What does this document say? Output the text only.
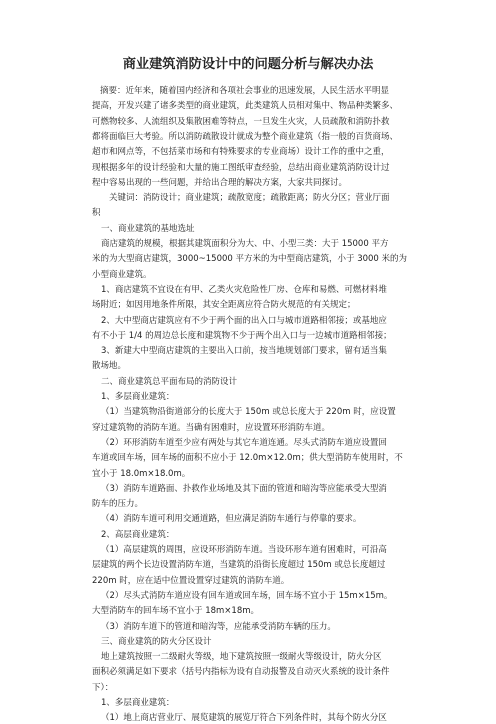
商业建筑消防设计中的问题分析与解决办法
摘要：近年来，随着国内经济和各项社会事业的迅速发展，人民生活水平明显
提高，开发兴建了诸多类型的商业建筑，此类建筑人员相对集中、物品种类繁多、
可燃物较多、人流组织及集散困难等特点，一旦发生火灾，人员疏散和消防扑救
都将面临巨大考验。所以消防疏散设计就成为整个商业建筑（指一般的百货商场、
超市和网点等，不包括菜市场和有特殊要求的专业商场）设计工作的重中之重，
现根据多年的设计经验和大量的施工图纸审查经验，总结出商业建筑消防设计过
程中容易出现的一些问题，并给出合理的解决方案，大家共同探讨。
关键词：消防设计；商业建筑；疏散宽度；疏散距离；防火分区；营业厅面
积
一、商业建筑的基地选址
商店建筑的规模，根据其建筑面积分为大、中、小型三类：大于 15000 平方
米的为大型商店建筑，3000~15000 平方米的为中型商店建筑，小于 3000 米的为
小型商业建筑。
1、商店建筑不宜设在有甲、乙类火灾危险性厂房、仓库和易燃、可燃材料堆
场附近；如因用地条件所限，其安全距离应符合防火规范的有关规定；
2、大中型商店建筑应有不少于两个面的出入口与城市道路相邻接；或基地应
有不小于 1/4 的周边总长度和建筑物不少于两个出入口与一边城市道路相邻接；
3、新建大中型商店建筑的主要出入口前，按当地规划部门要求，留有适当集
散场地。
二、商业建筑总平面布局的消防设计
1、多层商业建筑：
（1）当建筑物沿街道部分的长度大于 150m 或总长度大于 220m 时，应设置
穿过建筑物的消防车道。当确有困难时，应设置环形消防车道。
（2）环形消防车道至少应有两处与其它车道连通。尽头式消防车道应设置回
车道或回车场，回车场的面积不应小于 12.0m×12.0m；供大型消防车使用时，不
宜小于 18.0m×18.0m。
（3）消防车道路面、扑救作业场地及其下面的管道和暗沟等应能承受大型消
防车的压力。
（4）消防车道可利用交通道路，但应满足消防车通行与停靠的要求。
2、高层商业建筑：
（1）高层建筑的周围，应设环形消防车道。当设环形车道有困难时，可沿高
层建筑的两个长边设置消防车道，当建筑的沿街长度超过 150m 或总长度超过
220m 时，应在适中位置设置穿过建筑的消防车道。
（2）尽头式消防车道应设有回车道或回车场，回车场不宜小于 15m×15m。
大型消防车的回车场不宜小于 18m×18m。
（3）消防车道下的管道和暗沟等，应能承受消防车辆的压力。
三、商业建筑的防火分区设计
地上建筑按照一二级耐火等级，地下建筑按照一级耐火等级设计，防火分区
面积必须满足如下要求（括号内指标为设有自动报警及自动灭火系统的设计条件
下）：
1、多层商业建筑：
（1）地上商店营业厅、展览建筑的展览厅符合下列条件时，其每个防火分区
